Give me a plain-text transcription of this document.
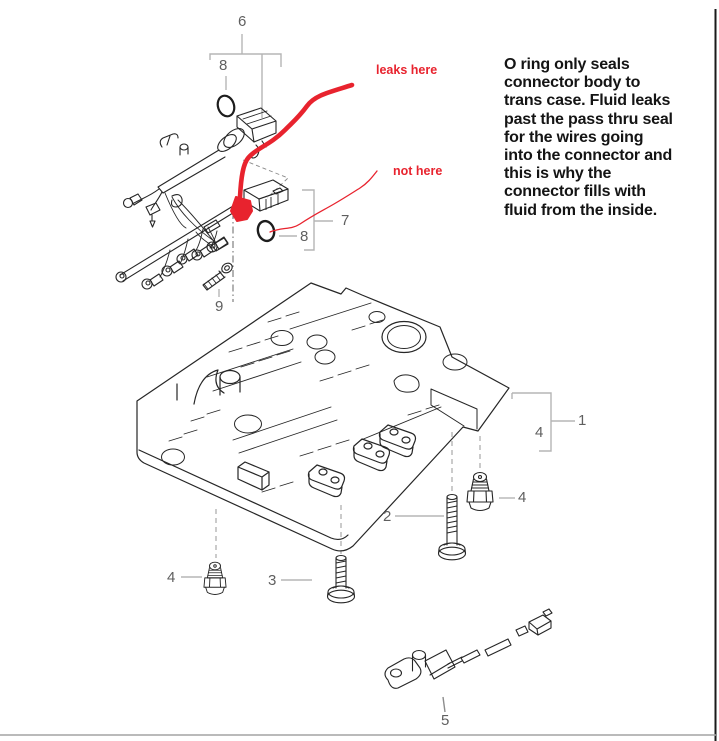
6
8
7
8
9
1
4
2
4
3
4
5
leaks here
not here
O ring only seals
connector body to
trans case. Fluid leaks
past the pass thru seal
for the wires going
into the connector and
this is why the
connector fills with
fluid from the inside.
